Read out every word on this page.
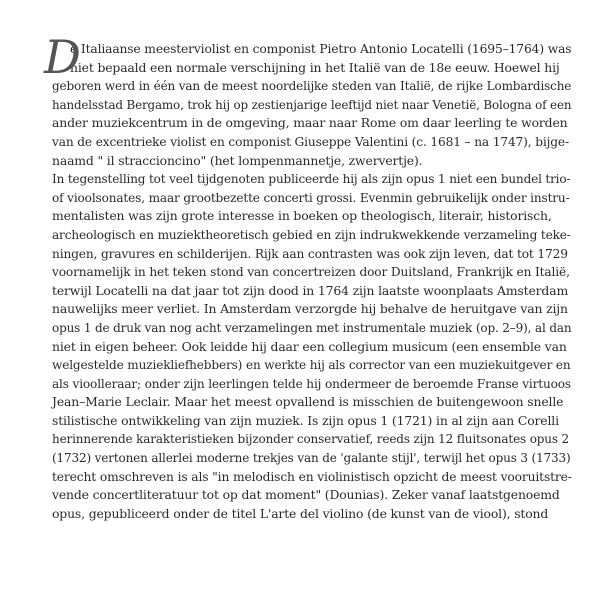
D
e Italiaanse meesterviolist en componist Pietro Antonio Locatelli (1695–1764) was
niet bepaald een normale verschijning in het Italië van de 18e eeuw. Hoewel hij
geboren werd in één van de meest noordelijke steden van Italië, de rijke Lombardische
handelsstad Bergamo, trok hij op zestienjarige leeftijd niet naar Venetië, Bologna of een
ander muziekcentrum in de omgeving, maar naar Rome om daar leerling te worden
van de excentrieke violist en componist Giuseppe Valentini (c. 1681 – na 1747), bijge-
naamd " il straccioncino" (het lompenmannetje, zwervertje).
In tegenstelling tot veel tijdgenoten publiceerde hij als zijn opus 1 niet een bundel trio-
of vioolsonates, maar grootbezette concerti grossi. Evenmin gebruikelijk onder instru-
mentalisten was zijn grote interesse in boeken op theologisch, literair, historisch,
archeologisch en muziektheoretisch gebied en zijn indrukwekkende verzameling teke-
ningen, gravures en schilderijen. Rijk aan contrasten was ook zijn leven, dat tot 1729
voornamelijk in het teken stond van concertreizen door Duitsland, Frankrijk en Italië,
terwijl Locatelli na dat jaar tot zijn dood in 1764 zijn laatste woonplaats Amsterdam
nauwelijks meer verliet. In Amsterdam verzorgde hij behalve de heruitgave van zijn
opus 1 de druk van nog acht verzamelingen met instrumentale muziek (op. 2–9), al dan
niet in eigen beheer. Ook leidde hij daar een collegium musicum (een ensemble van
welgestelde muziekliefhebbers) en werkte hij als corrector van een muziekuitgever en
als vioolleraar; onder zijn leerlingen telde hij ondermeer de beroemde Franse virtuoos
Jean–Marie Leclair. Maar het meest opvallend is misschien de buitengewoon snelle
stilistische ontwikkeling van zijn muziek. Is zijn opus 1 (1721) in al zijn aan Corelli
herinnerende karakteristieken bijzonder conservatief, reeds zijn 12 fluitsonates opus 2
(1732) vertonen allerlei moderne trekjes van de 'galante stijl', terwijl het opus 3 (1733)
terecht omschreven is als "in melodisch en violinistisch opzicht de meest vooruitstre-
vende concertliteratuur tot op dat moment" (Dounias). Zeker vanaf laatstgenoemd
opus, gepubliceerd onder de titel L'arte del violino (de kunst van de viool), stond
